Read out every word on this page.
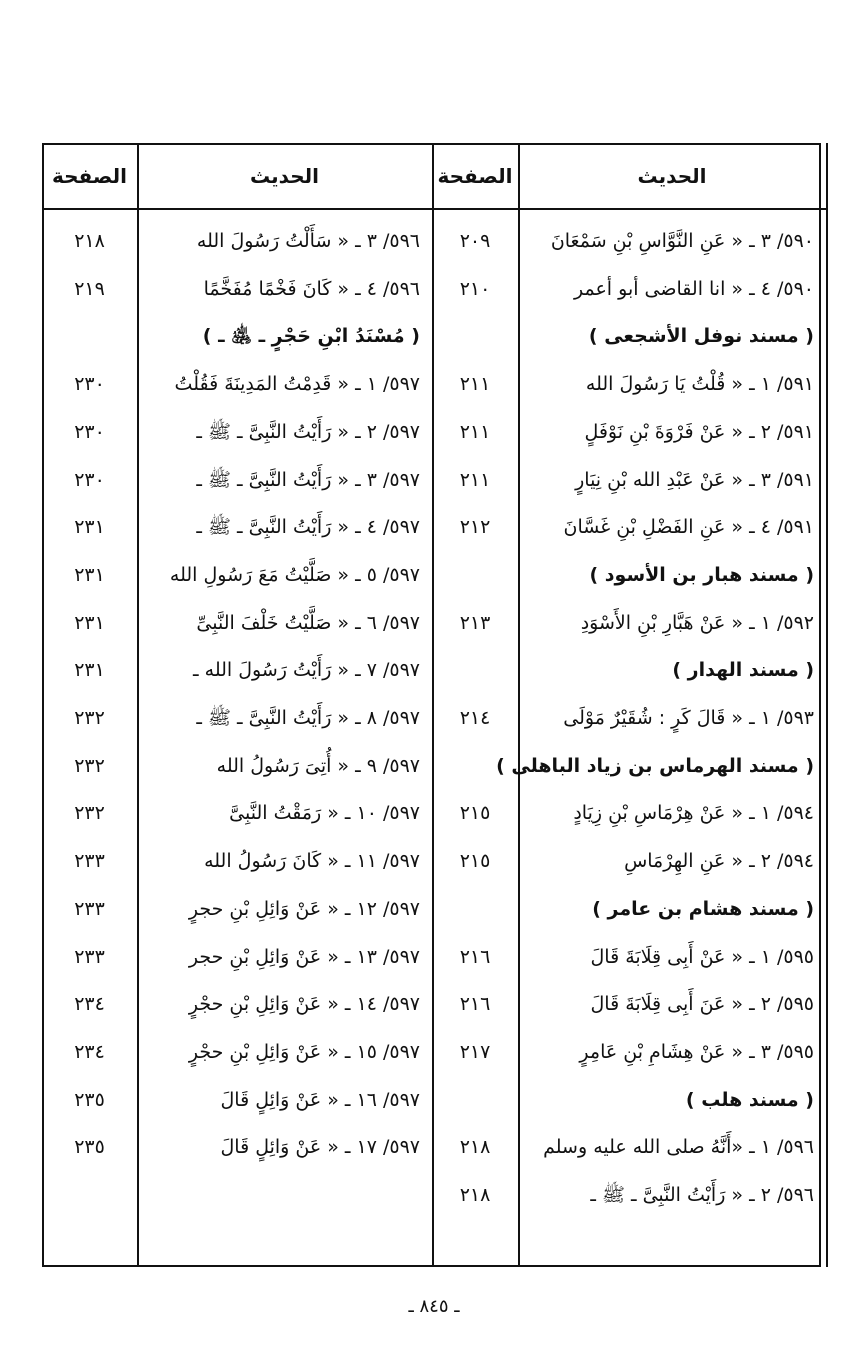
الحديث
الصفحة
الحديث
الصفحة
٥٩٠/ ٣ ـ « عَنِ النَّوَّاسِ بْنِ سَمْعَانَ
٢٠٩
٥٩٠/ ٤ ـ « انا القاضى أبو أعمر
٢١٠
( مسند نوفل الأشجعى )
٥٩١/ ١ ـ « قُلْتُ يَا رَسُولَ الله
٢١١
٥٩١/ ٢ ـ « عَنْ فَرْوَةَ بْنِ نَوْفَلٍ
٢١١
٥٩١/ ٣ ـ « عَنْ عَبْدِ الله بْنِ نِيَارٍ
٢١١
٥٩١/ ٤ ـ « عَنِ الفَضْلِ بْنِ غَسَّانَ
٢١٢
( مسند هبار بن الأسود )
٥٩٢/ ١ ـ « عَنْ هَبَّارِ بْنِ الأَسْوَدِ
٢١٣
( مسند الهدار )
٥٩٣/ ١ ـ « قَالَ كَرٍ : شُقَيْرٌ مَوْلَى
٢١٤
( مسند الهرماس بن زياد الباهلى )
٥٩٤/ ١ ـ « عَنْ هِرْمَاسِ بْنِ زِيَادٍ
٢١٥
٥٩٤/ ٢ ـ « عَنِ الهِرْمَاسِ
٢١٥
( مسند هشام بن عامر )
٥٩٥/ ١ ـ « عَنْ أَبِى قِلَابَةَ قَالَ
٢١٦
٥٩٥/ ٢ ـ « عَنَ أَبِى قِلَابَةَ قَالَ
٢١٦
٥٩٥/ ٣ ـ « عَنْ هِشَامِ بْنِ عَامِرٍ
٢١٧
( مسند هلب )
٥٩٦/ ١ ـ «أَنَّهُ صلى الله عليه وسلم
٢١٨
٥٩٦/ ٢ ـ « رَأَيْتُ النَّبِىَّ ـ ﷺ ـ
٢١٨
٥٩٦/ ٣ ـ « سَأَلْتُ رَسُولَ الله
٢١٨
٥٩٦/ ٤ ـ « كَانَ فَخْمًا مُفَخَّمًا
٢١٩
( مُسْنَدُ ابْنِ حَجْرٍ ـ ﵁ ـ )
٥٩٧/ ١ ـ « قَدِمْتُ المَدِينَةَ فَقُلْتُ
٢٣٠
٥٩٧/ ٢ ـ « رَأَيْتُ النَّبِىَّ ـ ﷺ ـ
٢٣٠
٥٩٧/ ٣ ـ « رَأَيْتُ النَّبِىَّ ـ ﷺ ـ
٢٣٠
٥٩٧/ ٤ ـ « رَأَيْتُ النَّبِىَّ ـ ﷺ ـ
٢٣١
٥٩٧/ ٥ ـ « صَلَّيْتُ مَعَ رَسُولِ الله
٢٣١
٥٩٧/ ٦ ـ « صَلَّيْتُ خَلْفَ النَّبِىِّ
٢٣١
٥٩٧/ ٧ ـ « رَأَيْتُ رَسُولَ الله ـ
٢٣١
٥٩٧/ ٨ ـ « رَأَيْتُ النَّبِىَّ ـ ﷺ ـ
٢٣٢
٥٩٧/ ٩ ـ « أُتِىَ رَسُولُ الله
٢٣٢
٥٩٧/ ١٠ ـ « رَمَقْتُ النَّبِىَّ
٢٣٢
٥٩٧/ ١١ ـ « كَانَ رَسُولُ الله
٢٣٣
٥٩٧/ ١٢ ـ « عَنْ وَائِلِ بْنِ حجرٍ
٢٣٣
٥٩٧/ ١٣ ـ « عَنْ وَائِلِ بْنِ حجر
٢٣٣
٥٩٧/ ١٤ ـ « عَنْ وَائِلِ بْنِ حجْرٍ
٢٣٤
٥٩٧/ ١٥ ـ « عَنْ وَائِلِ بْنِ حجْرٍ
٢٣٤
٥٩٧/ ١٦ ـ « عَنْ وَائِلٍ قَالَ
٢٣٥
٥٩٧/ ١٧ ـ « عَنْ وَائِلٍ قَالَ
٢٣٥
ـ ٨٤٥ ـ
